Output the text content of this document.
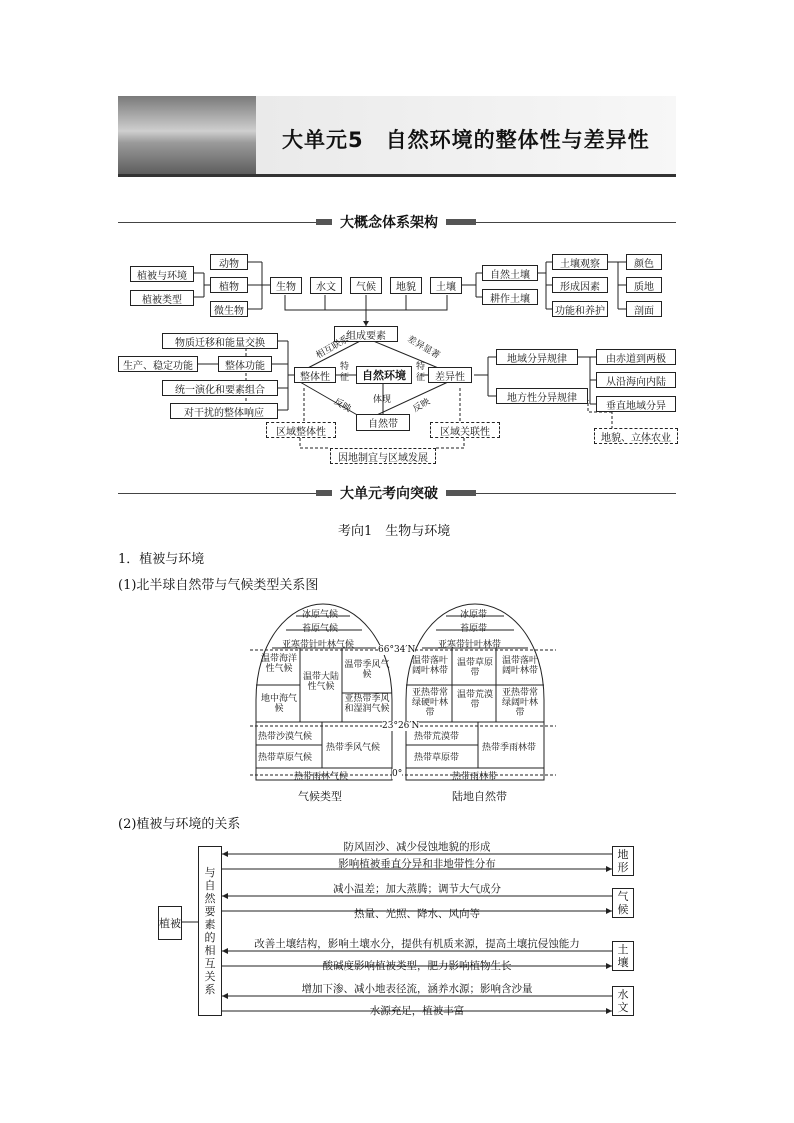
大单元5　自然环境的整体性与差异性
大概念体系架构
植被与环境
植被类型
动物
植物
微生物
生物	水文	气候	地貌	土壤
自然土壤
耕作土壤
土壤观察
形成因素
功能和养护
颜色
质地
剖面
组成要素
相互联系	差异显著
自然环境
整体性	差异性
特征
特征
反映	反映
体现
自然带
物质迁移和能量交换
整体功能
生产、稳定功能
统一演化和要素组合
对干扰的整体响应
地域分异规律
地方性分异规律
由赤道到两极
从沿海向内陆
垂直地域分异
地貌、立体农业
区域整体性	区域关联性
因地制宜与区域发展
大单元考向突破
考向1　生物与环境
1．植被与环境
(1)北半球自然带与气候类型关系图
冰原气候
苔原气候
亚寒带针叶林气候
温带海洋性气候
地中海气候
温带大陆性气候
温带季风气候
亚热带季风和湿润气候
热带沙漠气候
热带草原气候
热带季风气候
热带雨林气候
66°34′N
23°26′N
0°
气候类型
冰原带
苔原带
亚寒带针叶林带
温带落叶阔叶林带
亚热带常绿硬叶林带
温带草原带
温带荒漠带
温带落叶阔叶林带
亚热带常绿阔叶林带
热带荒漠带
热带草原带
热带季雨林带
热带雨林带
陆地自然带
(2)植被与环境的关系
植被
与自然要素的相互关系
地形
防风固沙、减少侵蚀地貌的形成
影响植被垂直分异和非地带性分布
气候
减小温差；加大蒸腾；调节大气成分
热量、光照、降水、风向等
土壤
改善土壤结构，影响土壤水分，提供有机质来源，提高土壤抗侵蚀能力
酸碱度影响植被类型，肥力影响植物生长
水文
增加下渗、减小地表径流，涵养水源；影响含沙量
水源充足，植被丰富
